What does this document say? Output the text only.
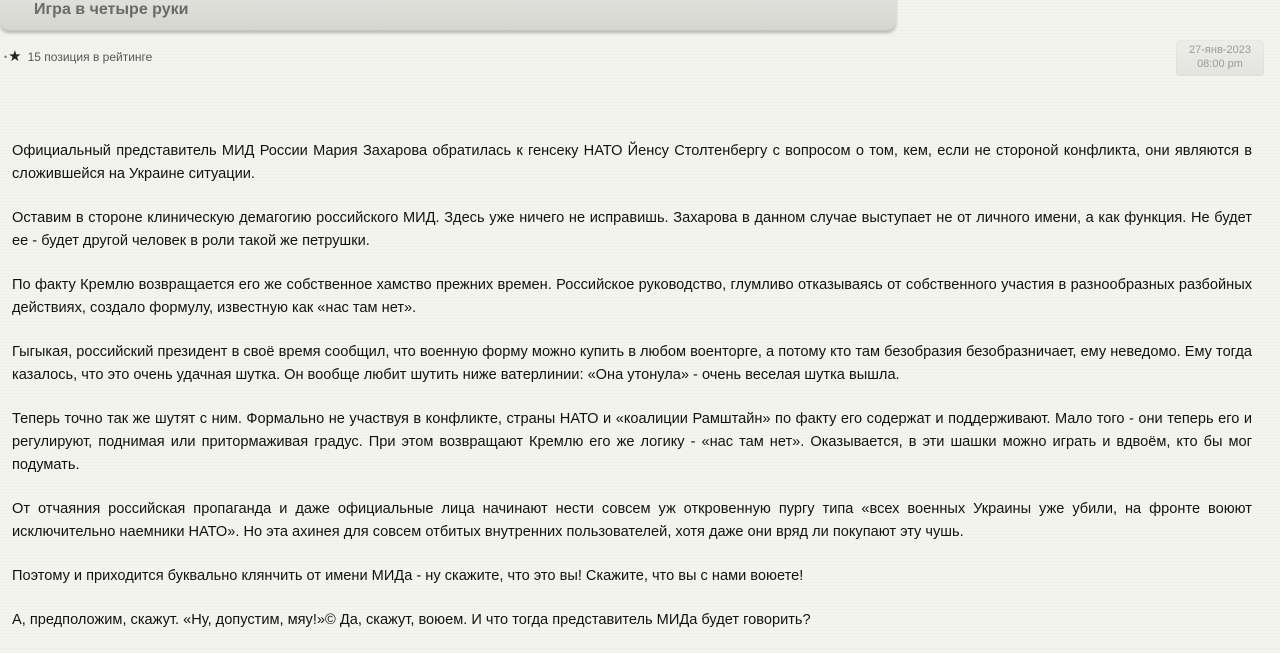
Игра в четыре руки
• ★ 15 позиция в рейтинге	27-янв-2023
08:00 pm

Официальный представитель МИД России Мария Захарова обратилась к генсеку НАТО Йенсу Столтенбергу с вопросом о том, кем, если не стороной конфликта, они являются в сложившейся на Украине ситуации.

Оставим в стороне клиническую демагогию российского МИД. Здесь уже ничего не исправишь. Захарова в данном случае выступает не от личного имени, а как функция. Не будет ее - будет другой человек в роли такой же петрушки.

По факту Кремлю возвращается его же собственное хамство прежних времен. Российское руководство, глумливо отказываясь от собственного участия в разнообразных разбойных действиях, создало формулу, известную как «нас там нет».

Гыгыкая, российский президент в своё время сообщил, что военную форму можно купить в любом военторге, а потому кто там безобразия безобразничает, ему неведомо. Ему тогда казалось, что это очень удачная шутка. Он вообще любит шутить ниже ватерлинии: «Она утонула» - очень веселая шутка вышла.

Теперь точно так же шутят с ним. Формально не участвуя в конфликте, страны НАТО и «коалиции Рамштайн» по факту его содержат и поддерживают. Мало того - они теперь его и регулируют, поднимая или притормаживая градус. При этом возвращают Кремлю его же логику - «нас там нет». Оказывается, в эти шашки можно играть и вдвоём, кто бы мог подумать.

От отчаяния российская пропаганда и даже официальные лица начинают нести совсем уж откровенную пургу типа «всех военных Украины уже убили, на фронте воюют исключительно наемники НАТО». Но эта ахинея для совсем отбитых внутренних пользователей, хотя даже они вряд ли покупают эту чушь.

Поэтому и приходится буквально клянчить от имени МИДа - ну скажите, что это вы! Скажите, что вы с нами воюете!

А, предположим, скажут. «Ну, допустим, мяу!»© Да, скажут, воюем. И что тогда представитель МИДа будет говорить?
